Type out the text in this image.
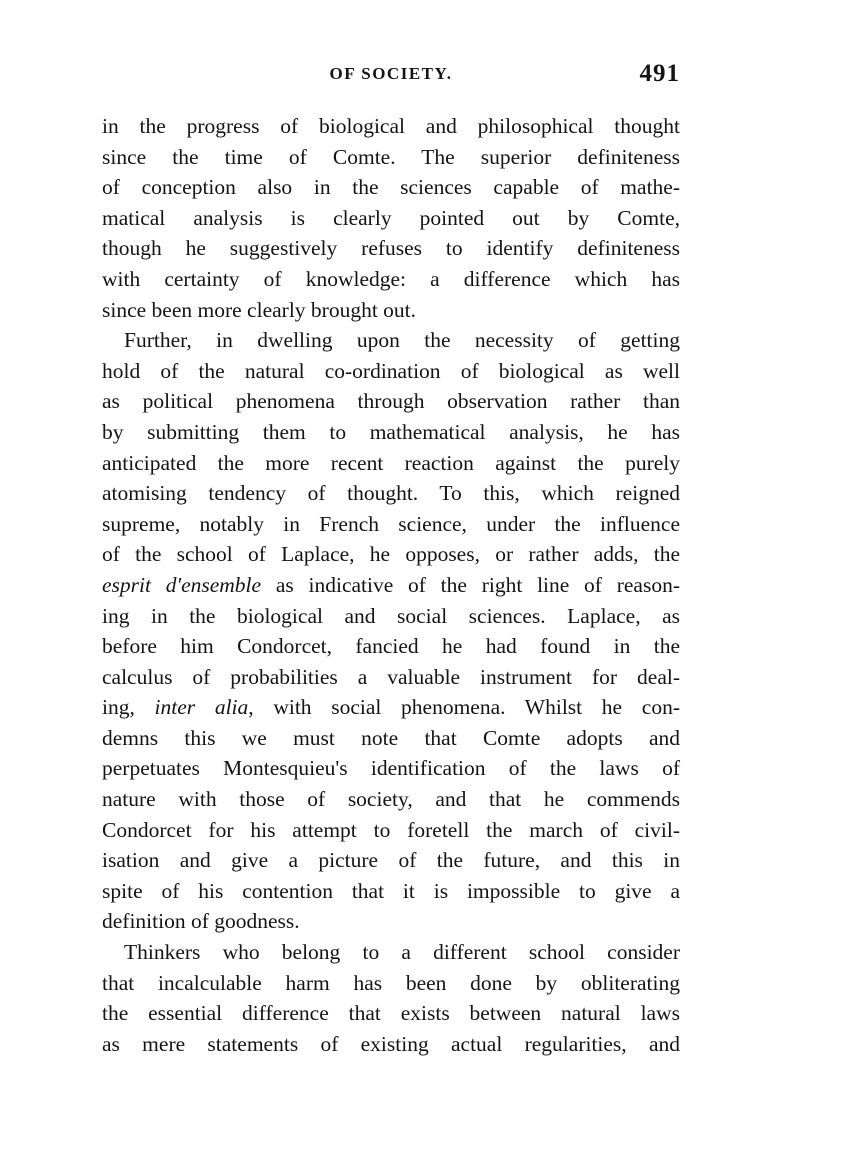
OF SOCIETY.	491
in the progress of biological and philosophical thought
since the time of Comte. The superior definiteness
of conception also in the sciences capable of mathe-
matical analysis is clearly pointed out by Comte,
though he suggestively refuses to identify definiteness
with certainty of knowledge: a difference which has
since been more clearly brought out.
Further, in dwelling upon the necessity of getting
hold of the natural co-ordination of biological as well
as political phenomena through observation rather than
by submitting them to mathematical analysis, he has
anticipated the more recent reaction against the purely
atomising tendency of thought. To this, which reigned
supreme, notably in French science, under the influence
of the school of Laplace, he opposes, or rather adds, the
esprit d'ensemble as indicative of the right line of reason-
ing in the biological and social sciences. Laplace, as
before him Condorcet, fancied he had found in the
calculus of probabilities a valuable instrument for deal-
ing, inter alia, with social phenomena. Whilst he con-
demns this we must note that Comte adopts and
perpetuates Montesquieu's identification of the laws of
nature with those of society, and that he commends
Condorcet for his attempt to foretell the march of civil-
isation and give a picture of the future, and this in
spite of his contention that it is impossible to give a
definition of goodness.
Thinkers who belong to a different school consider
that incalculable harm has been done by obliterating
the essential difference that exists between natural laws
as mere statements of existing actual regularities, and
